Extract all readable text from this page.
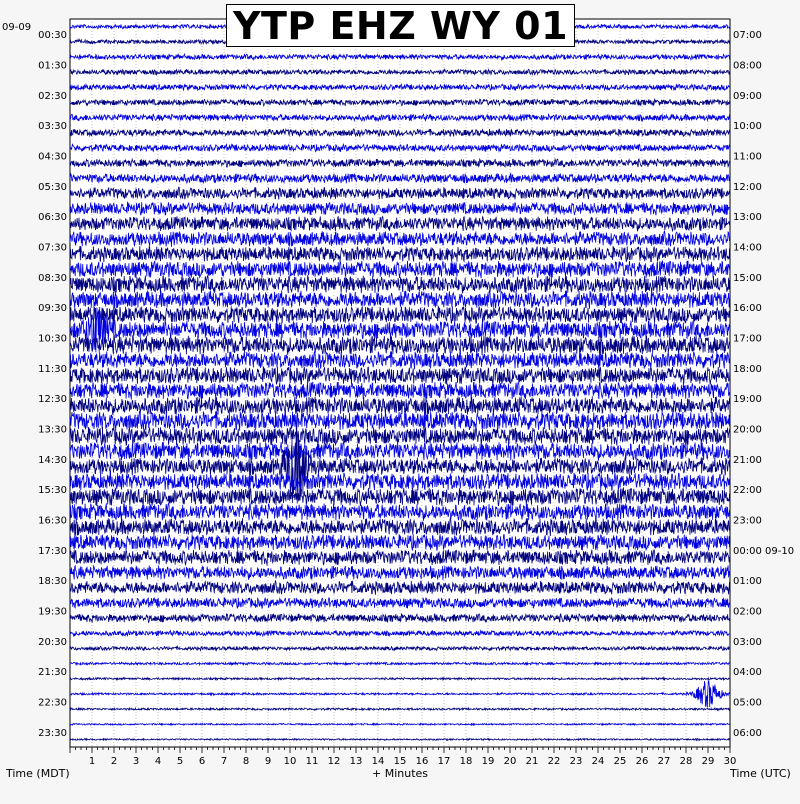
00:30
01:30
02:30
03:30
04:30
05:30
06:30
07:30
08:30
09:30
10:30
11:30
12:30
13:30
14:30
15:30
16:30
17:30
18:30
19:30
20:30
21:30
22:30
23:30
07:00
08:00
09:00
10:00
11:00
12:00
13:00
14:00
15:00
16:00
17:00
18:00
19:00
20:00
21:00
22:00
23:00
00:00 09-10
01:00
02:00
03:00
04:00
05:00
06:00
1 2 3 4 5 6 7 8 9 10 11 12 13 14 15 16 17 18 19 20 21 22 23 24 25 26 27 28 29 30
09-09
Time (MDT)	+ Minutes	Time (UTC)
YTP EHZ WY 01
